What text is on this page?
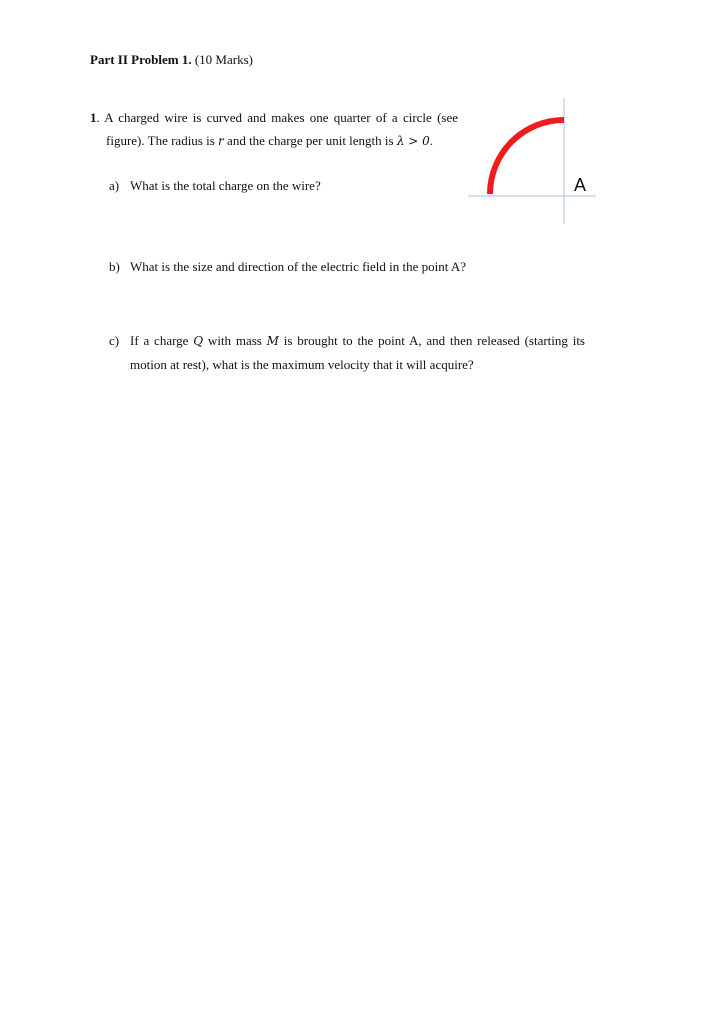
Part II Problem 1. (10 Marks)
1. A charged wire is curved and makes one quarter of a circle (see
figure). The radius is r and the charge per unit length is λ > 0.
a) What is the total charge on the wire?
b) What is the size and direction of the electric field in the point A?
c) If a charge Q with mass M is brought to the point A, and then released (starting its
motion at rest), what is the maximum velocity that it will acquire?
A
